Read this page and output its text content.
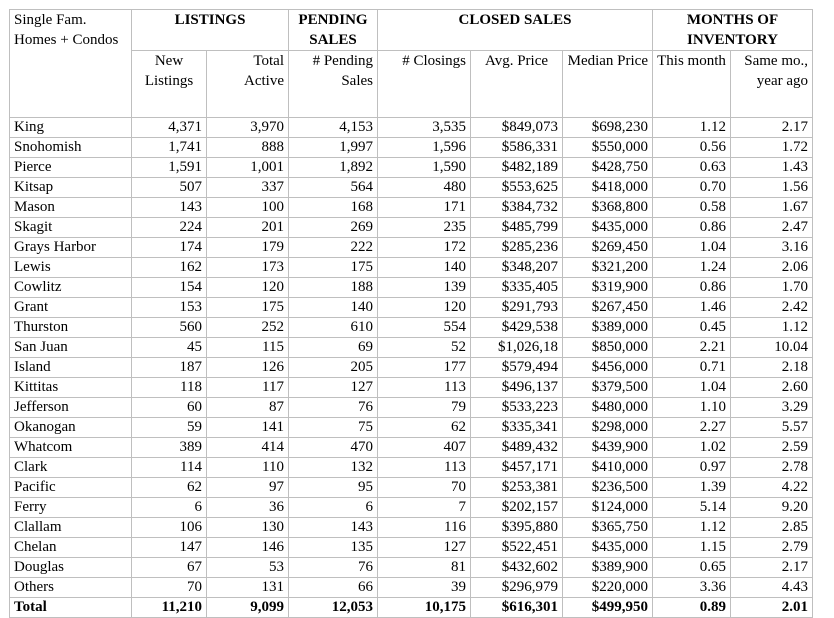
Single Fam. Homes + Condos	LISTINGS		PENDING SALES	CLOSED SALES			MONTHS OF INVENTORY	
	New Listings	Total Active	# Pending Sales	# Closings	Avg. Price	Median Price	This month	Same mo., year ago
King	4,371	3,970	4,153	3,535	$849,073	$698,230	1.12	2.17
Snohomish	1,741	888	1,997	1,596	$586,331	$550,000	0.56	1.72
Pierce	1,591	1,001	1,892	1,590	$482,189	$428,750	0.63	1.43
Kitsap	507	337	564	480	$553,625	$418,000	0.70	1.56
Mason	143	100	168	171	$384,732	$368,800	0.58	1.67
Skagit	224	201	269	235	$485,799	$435,000	0.86	2.47
Grays Harbor	174	179	222	172	$285,236	$269,450	1.04	3.16
Lewis	162	173	175	140	$348,207	$321,200	1.24	2.06
Cowlitz	154	120	188	139	$335,405	$319,900	0.86	1.70
Grant	153	175	140	120	$291,793	$267,450	1.46	2.42
Thurston	560	252	610	554	$429,538	$389,000	0.45	1.12
San Juan	45	115	69	52	$1,026,18	$850,000	2.21	10.04
Island	187	126	205	177	$579,494	$456,000	0.71	2.18
Kittitas	118	117	127	113	$496,137	$379,500	1.04	2.60
Jefferson	60	87	76	79	$533,223	$480,000	1.10	3.29
Okanogan	59	141	75	62	$335,341	$298,000	2.27	5.57
Whatcom	389	414	470	407	$489,432	$439,900	1.02	2.59
Clark	114	110	132	113	$457,171	$410,000	0.97	2.78
Pacific	62	97	95	70	$253,381	$236,500	1.39	4.22
Ferry	6	36	6	7	$202,157	$124,000	5.14	9.20
Clallam	106	130	143	116	$395,880	$365,750	1.12	2.85
Chelan	147	146	135	127	$522,451	$435,000	1.15	2.79
Douglas	67	53	76	81	$432,602	$389,900	0.65	2.17
Others	70	131	66	39	$296,979	$220,000	3.36	4.43
Total	11,210	9,099	12,053	10,175	$616,301	$499,950	0.89	2.01
